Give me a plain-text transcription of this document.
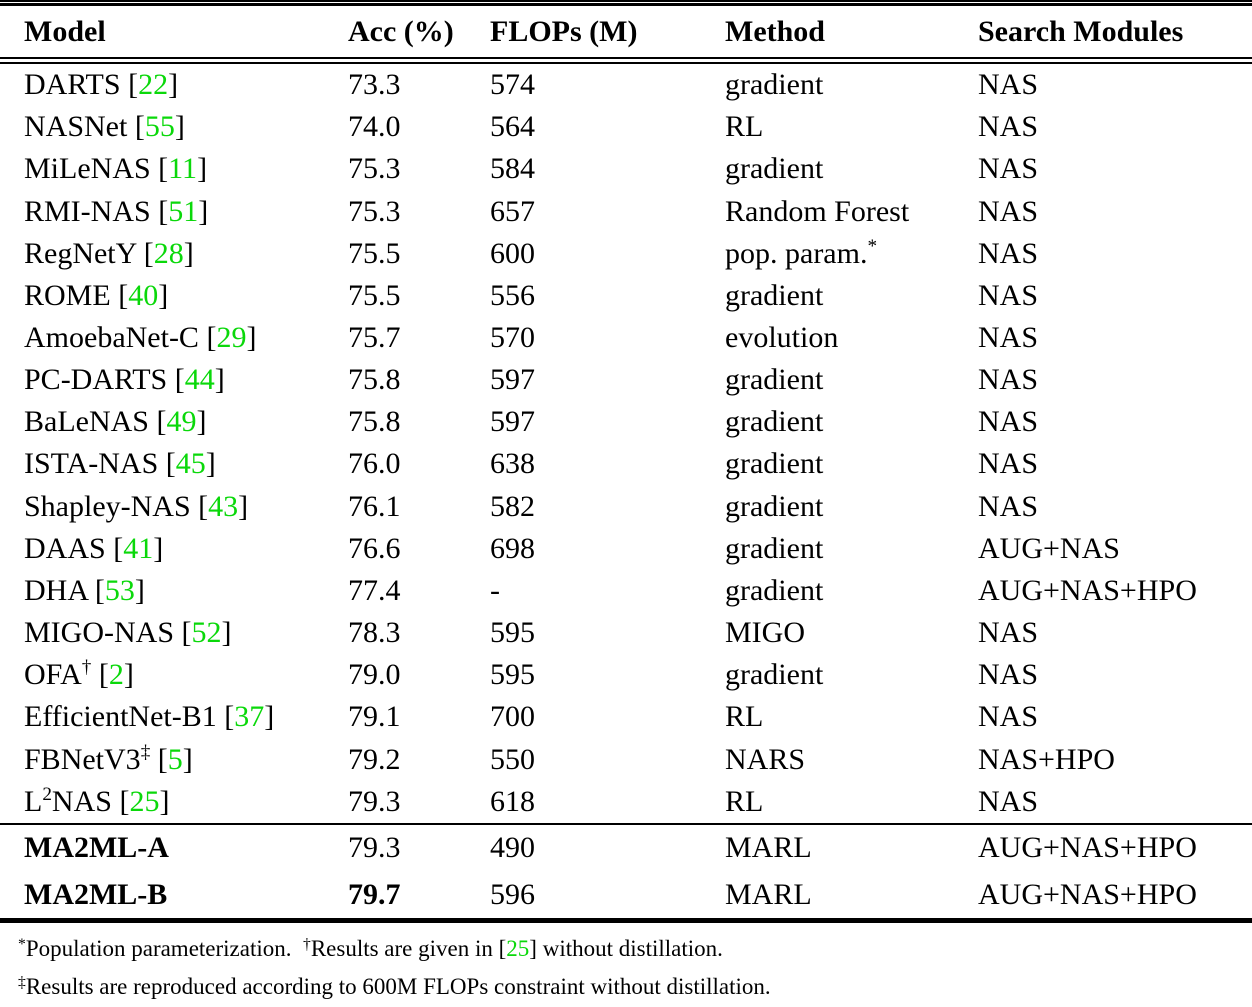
Model	Acc (%)	FLOPs (M)	Method	Search Modules
DARTS [22]	73.3	574	gradient	NAS
NASNet [55]	74.0	564	RL	NAS
MiLeNAS [11]	75.3	584	gradient	NAS
RMI-NAS [51]	75.3	657	Random Forest	NAS
RegNetY [28]	75.5	600	pop. param.*	NAS
ROME [40]	75.5	556	gradient	NAS
AmoebaNet-C [29]	75.7	570	evolution	NAS
PC-DARTS [44]	75.8	597	gradient	NAS
BaLeNAS [49]	75.8	597	gradient	NAS
ISTA-NAS [45]	76.0	638	gradient	NAS
Shapley-NAS [43]	76.1	582	gradient	NAS
DAAS [41]	76.6	698	gradient	AUG+NAS
DHA [53]	77.4	-	gradient	AUG+NAS+HPO
MIGO-NAS [52]	78.3	595	MIGO	NAS
OFA† [2]	79.0	595	gradient	NAS
EfficientNet-B1 [37]	79.1	700	RL	NAS
FBNetV3‡ [5]	79.2	550	NARS	NAS+HPO
$L^2NAS$ [25]	79.3	618	RL	NAS
MA2ML-A	79.3	490	MARL	AUG+NAS+HPO
MA2ML-B	79.7	596	MARL	AUG+NAS+HPO
* Population parameterization.  † Results are given in [ 25 ] without distillation.
‡ Results are reproduced according to 600M FLOPs constraint without distillation.
